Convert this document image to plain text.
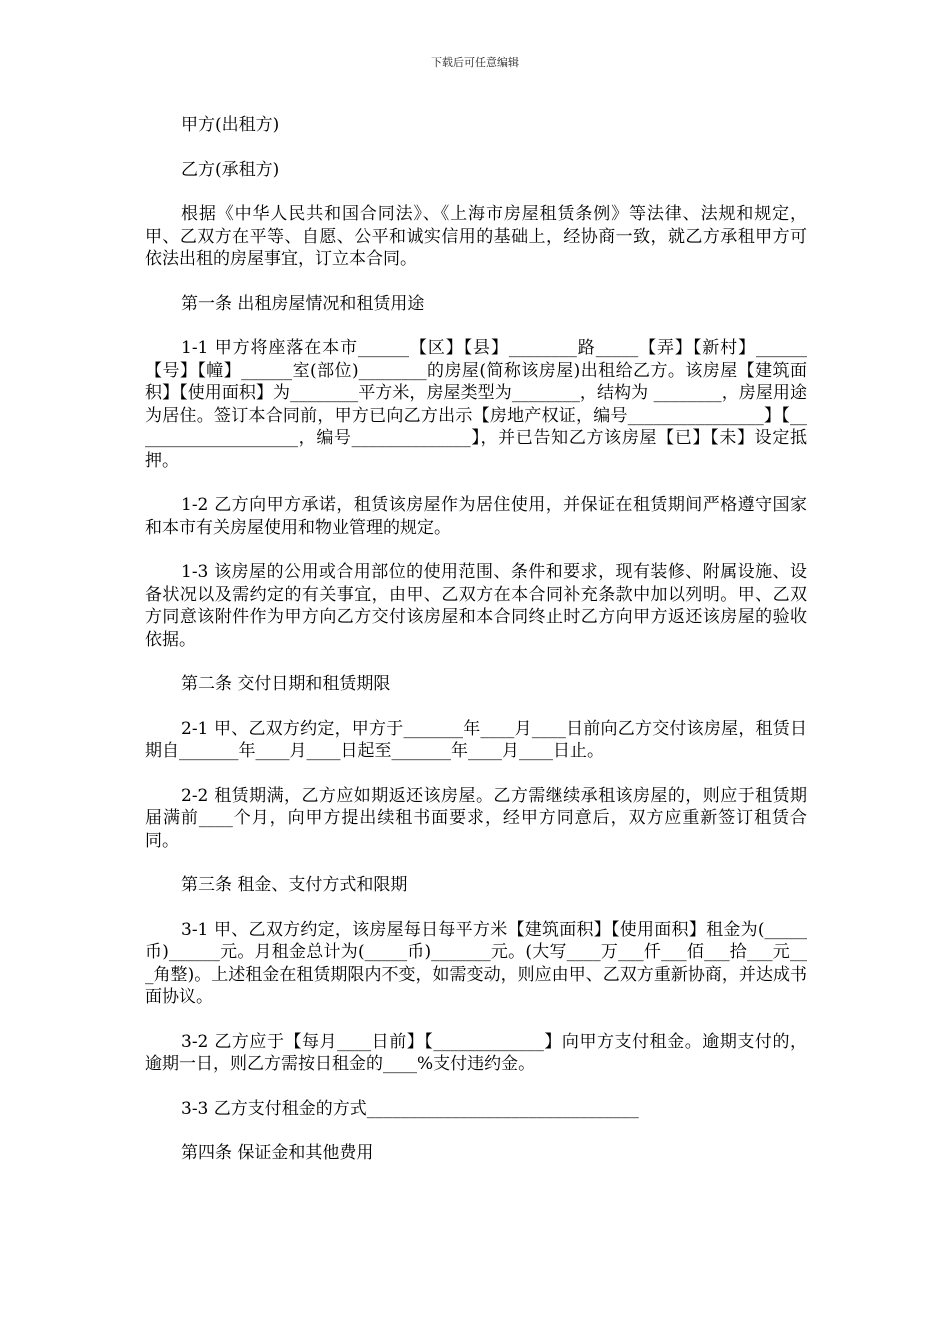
下载后可任意编辑

甲方(出租方)

乙方(承租方)

根据《中华人民共和国合同法》、《上海市房屋租赁条例》等法律、法规和规定，甲、乙双方在平等、自愿、公平和诚实信用的基础上，经协商一致，就乙方承租甲方可依法出租的房屋事宜，订立本合同。

第一条 出租房屋情况和租赁用途

1-1 甲方将座落在本市______【区】【县】________路_____【弄】【新村】______【号】【幢】______室(部位)________的房屋(简称该房屋)出租给乙方。该房屋【建筑面积】【使用面积】为________平方米，房屋类型为________，结构为 ________，房屋用途为居住。签订本合同前，甲方已向乙方出示【房地产权证，编号________________】【____________________，编号______________】，并已告知乙方该房屋【已】【未】设定抵押。

1-2 乙方向甲方承诺，租赁该房屋作为居住使用，并保证在租赁期间严格遵守国家和本市有关房屋使用和物业管理的规定。

1-3 该房屋的公用或合用部位的使用范围、条件和要求，现有装修、附属设施、设备状况以及需约定的有关事宜，由甲、乙双方在本合同补充条款中加以列明。甲、乙双方同意该附件作为甲方向乙方交付该房屋和本合同终止时乙方向甲方返还该房屋的验收依据。

第二条 交付日期和租赁期限

2-1 甲、乙双方约定，甲方于_______年____月____日前向乙方交付该房屋，租赁日期自_______年____月____日起至_______年____月____日止。

2-2 租赁期满，乙方应如期返还该房屋。乙方需继续承租该房屋的，则应于租赁期届满前____个月，向甲方提出续租书面要求，经甲方同意后，双方应重新签订租赁合同。

第三条 租金、支付方式和限期

3-1 甲、乙双方约定，该房屋每日每平方米【建筑面积】【使用面积】租金为(_____币)______元。月租金总计为(_____币)_______元。(大写____万___仟___佰___拾___元___角整)。上述租金在租赁期限内不变，如需变动，则应由甲、乙双方重新协商，并达成书面协议。

3-2 乙方应于【每月____日前】【_____________】向甲方支付租金。逾期支付的，逾期一日，则乙方需按日租金的____%支付违约金。

3-3 乙方支付租金的方式________________________________

第四条 保证金和其他费用
